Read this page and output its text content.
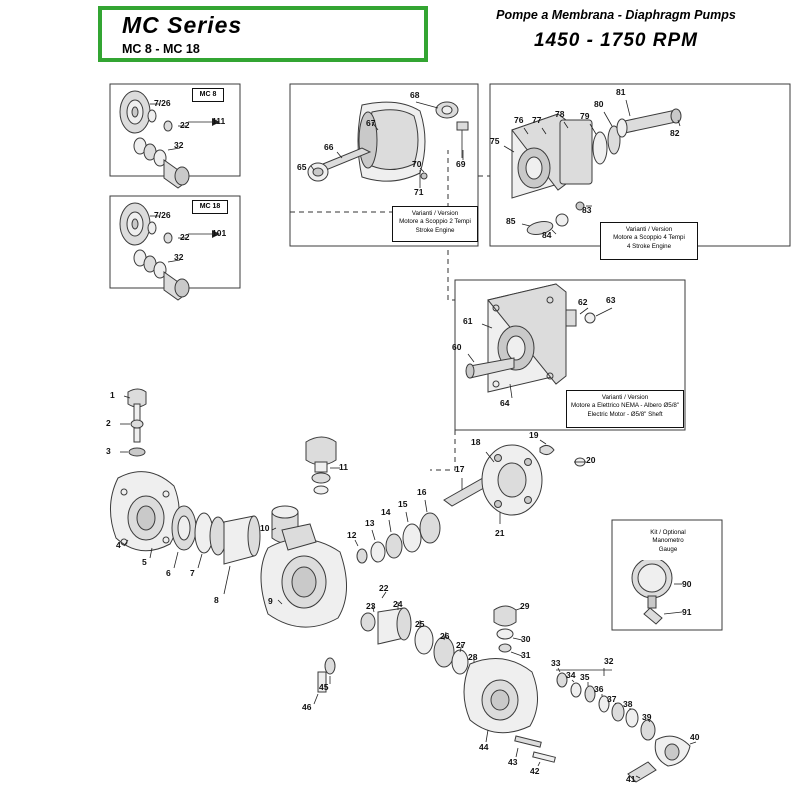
MC Series
MC 8 - MC 18
Pompe a Membrana - Diaphragm Pumps
1450 - 1750 RPM
MC 8
MC 18
Varianti / Version
Motore a Scoppio 2 Tempi
Stroke Engine	Varianti / Version
Motore a Scoppio 4 Tempi
4 Stroke Engine
Varianti / Version
Motore a Elettrico NEMA - Albero Ø5/8"
Electric Motor - Ø5/8" Sheft
Kit / Optional
Manometro
Gauge
7/26
22	111
32
7/26
22	101
32
68
67
66
65	70	69
71
81
80
79
78
77
76
75
82
83
84
85
62 63
61
60
64
1
2
3
4
5
6 7
8	9
10
11
12
13
14
15
16
17
18
19
20
21
22
23 24
25
26
27
28
29
30
31
32
33
34 35
36
37 38
39
40
41
42
43
44
45
46
90
91
